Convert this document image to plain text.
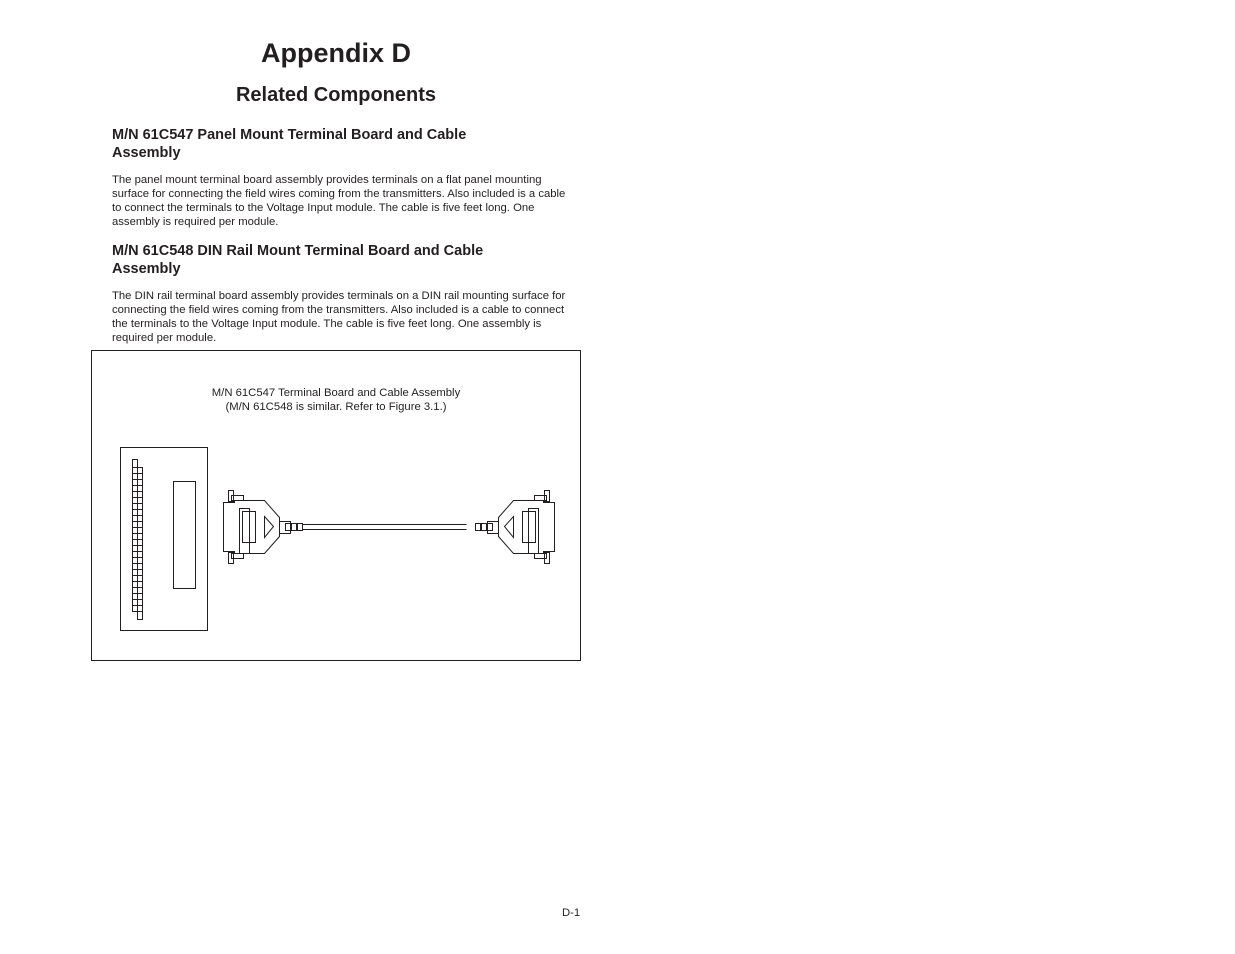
Appendix D
Related Components
M/N 61C547 Panel Mount Terminal Board and Cable Assembly

The panel mount terminal board assembly provides terminals on a flat panel mounting surface for connecting the field wires coming from the transmitters. Also included is a cable to connect the terminals to the Voltage Input module. The cable is five feet long. One assembly is required per module.

M/N 61C548 DIN Rail Mount Terminal Board and Cable Assembly

The DIN rail terminal board assembly provides terminals on a DIN rail mounting surface for connecting the field wires coming from the transmitters. Also included is a cable to connect the terminals to the Voltage Input module. The cable is five feet long. One assembly is required per module.

M/N 61C547 Terminal Board and Cable Assembly
(M/N 61C548 is similar. Refer to Figure 3.1.)
D-1
